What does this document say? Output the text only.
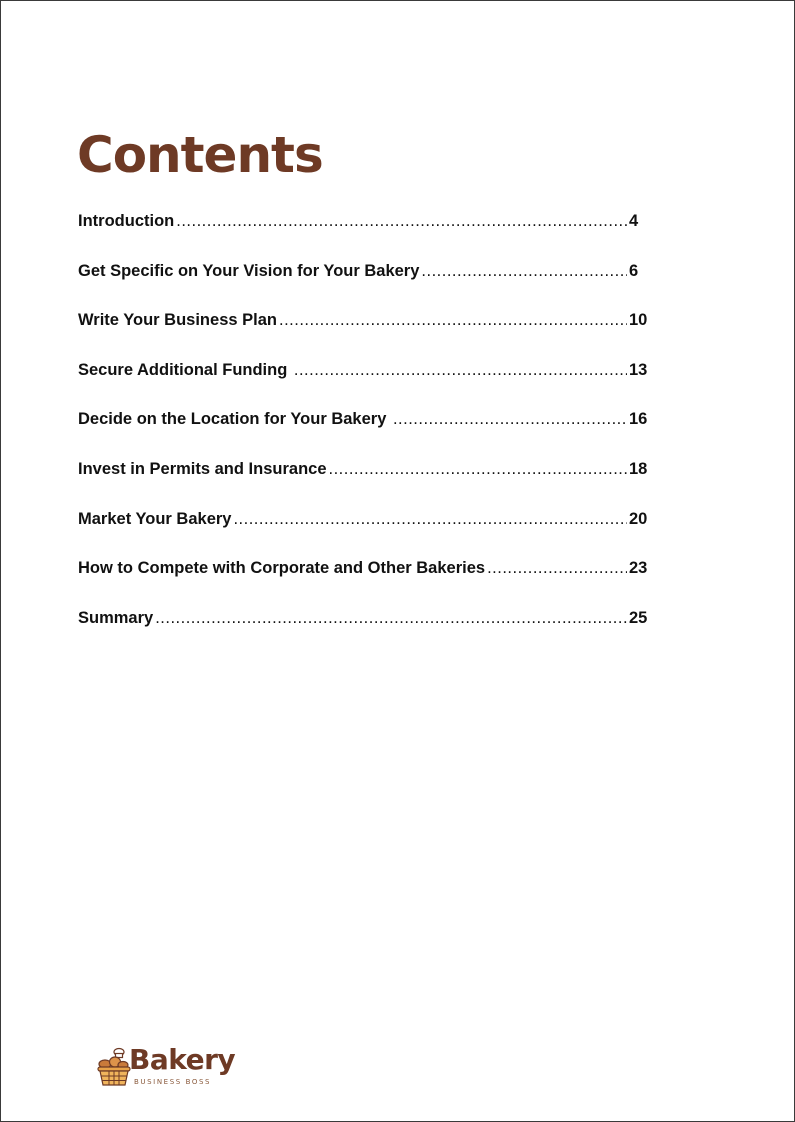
Contents
Introduction .....	4
Get Specific on Your Vision for Your Bakery .....	6
Write Your Business Plan .....	10
Secure Additional Funding .....	13
Decide on the Location for Your Bakery .....	16
Invest in Permits and Insurance .....	18
Market Your Bakery .....	20
How to Compete with Corporate and Other Bakeries .....	23
Summary .....	25
Bakery
BUSINESS BOSS
